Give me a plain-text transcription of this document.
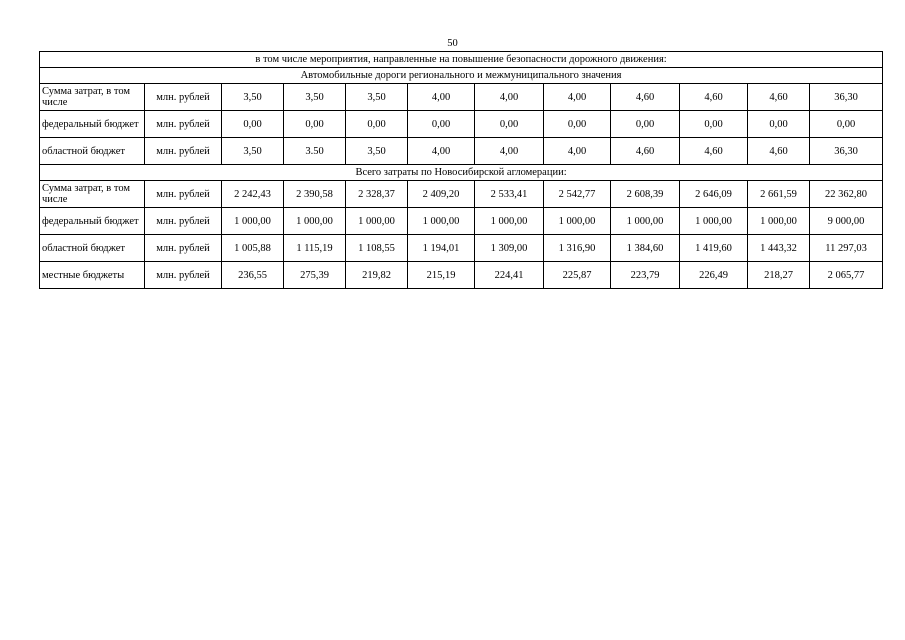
50
в том числе мероприятия, направленные на повышение безопасности дорожного движения:											
Автомобильные дороги регионального и межмуниципального значения											
Сумма затрат, в том числе	млн. рублей	3,50	3,50	3,50	4,00	4,00	4,00	4,60	4,60	4,60	36,30
федеральный бюджет	млн. рублей	0,00	0,00	0,00	0,00	0,00	0,00	0,00	0,00	0,00	0,00
областной бюджет	млн. рублей	3,50	3.50	3,50	4,00	4,00	4,00	4,60	4,60	4,60	36,30
Всего затраты по Новосибирской агломерации:											
Сумма затрат, в том числе	млн. рублей	2 242,43	2 390,58	2 328,37	2 409,20	2 533,41	2 542,77	2 608,39	2 646,09	2 661,59	22 362,80
федеральный бюджет	млн. рублей	1 000,00	1 000,00	1 000,00	1 000,00	1 000,00	1 000,00	1 000,00	1 000,00	1 000,00	9 000,00
областной бюджет	млн. рублей	1 005,88	1 115,19	1 108,55	1 194,01	1 309,00	1 316,90	1 384,60	1 419,60	1 443,32	11 297,03
местные бюджеты	млн. рублей	236,55	275,39	219,82	215,19	224,41	225,87	223,79	226,49	218,27	2 065,77
